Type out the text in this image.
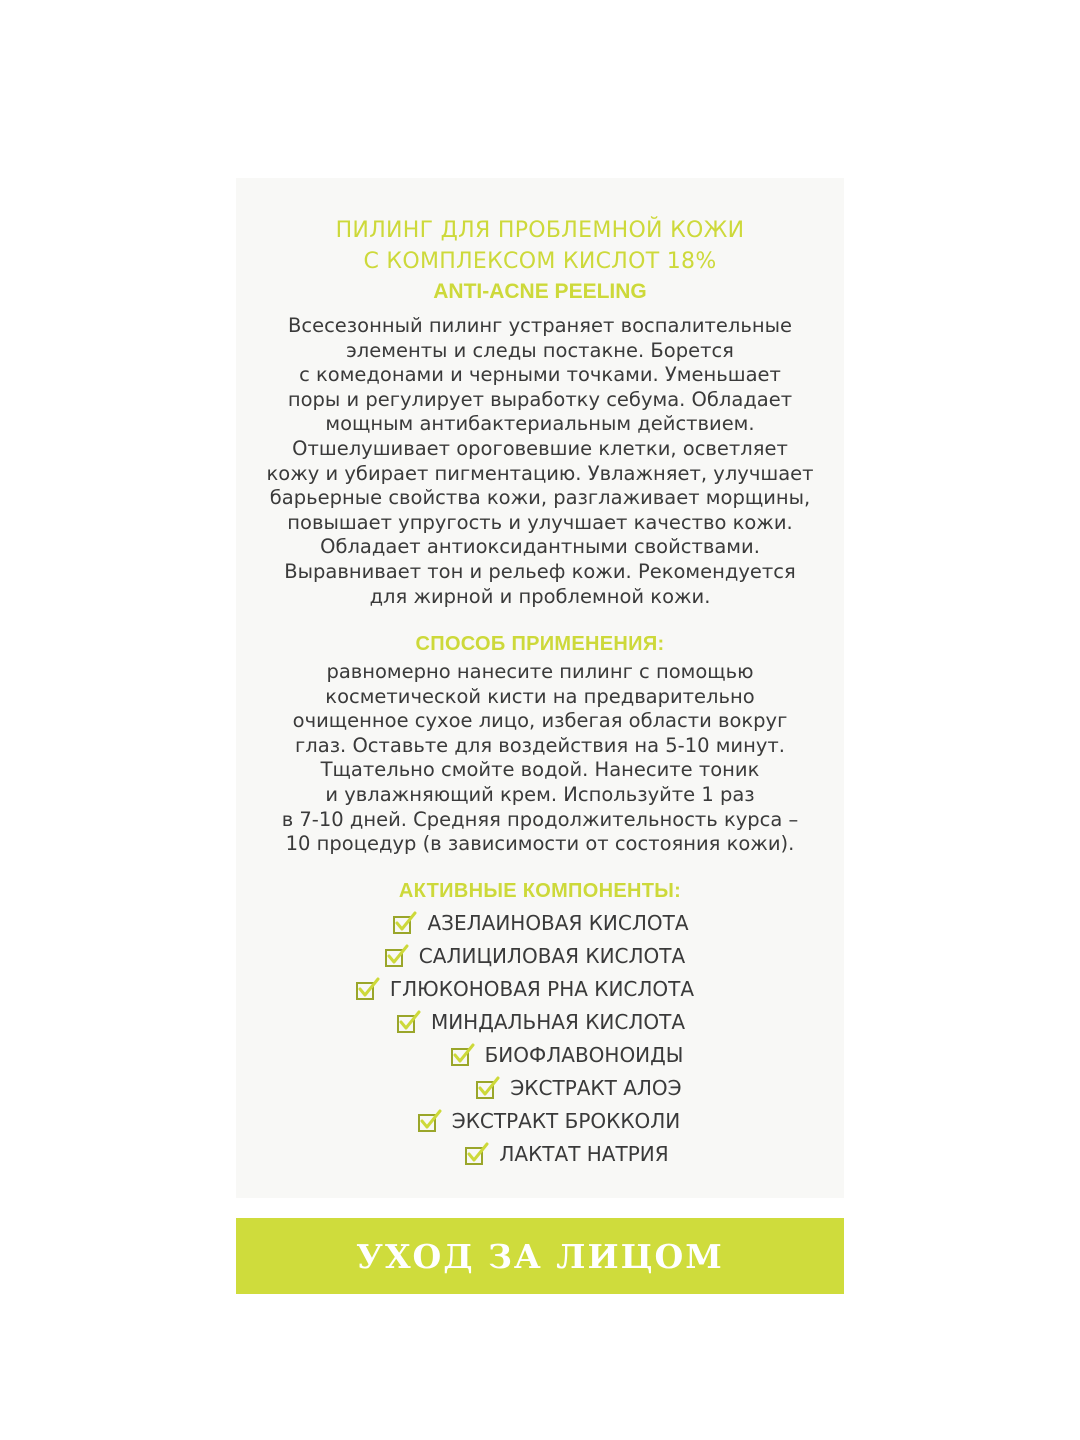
ПИЛИНГ ДЛЯ ПРОБЛЕМНОЙ КОЖИ
С КОМПЛЕКСОМ КИСЛОТ 18%
ANTI-ACNE PEELING
Всесезонный пилинг устраняет воспалительные
элементы и следы постакне. Борется
с комедонами и черными точками. Уменьшает
поры и регулирует выработку себума. Обладает
мощным антибактериальным действием.
Отшелушивает ороговевшие клетки, осветляет
кожу и убирает пигментацию. Увлажняет, улучшает
барьерные свойства кожи, разглаживает морщины,
повышает упругость и улучшает качество кожи.
Обладает антиоксидантными свойствами.
Выравнивает тон и рельеф кожи. Рекомендуется
для жирной и проблемной кожи.
СПОСОБ ПРИМЕНЕНИЯ:
равномерно нанесите пилинг с помощью
косметической кисти на предварительно
очищенное сухое лицо, избегая области вокруг
глаз. Оставьте для воздействия на 5-10 минут.
Тщательно смойте водой. Нанесите тоник
и увлажняющий крем. Используйте 1 раз
в 7-10 дней. Средняя продолжительность курса –
10 процедур (в зависимости от состояния кожи).
АКТИВНЫЕ КОМПОНЕНТЫ:
АЗЕЛАИНОВАЯ КИСЛОТА
САЛИЦИЛОВАЯ КИСЛОТА
ГЛЮКОНОВАЯ PHA КИСЛОТА
МИНДАЛЬНАЯ КИСЛОТА
БИОФЛАВОНОИДЫ
ЭКСТРАКТ АЛОЭ
ЭКСТРАКТ БРОККОЛИ
ЛАКТАТ НАТРИЯ
УХОД ЗА ЛИЦОМ
